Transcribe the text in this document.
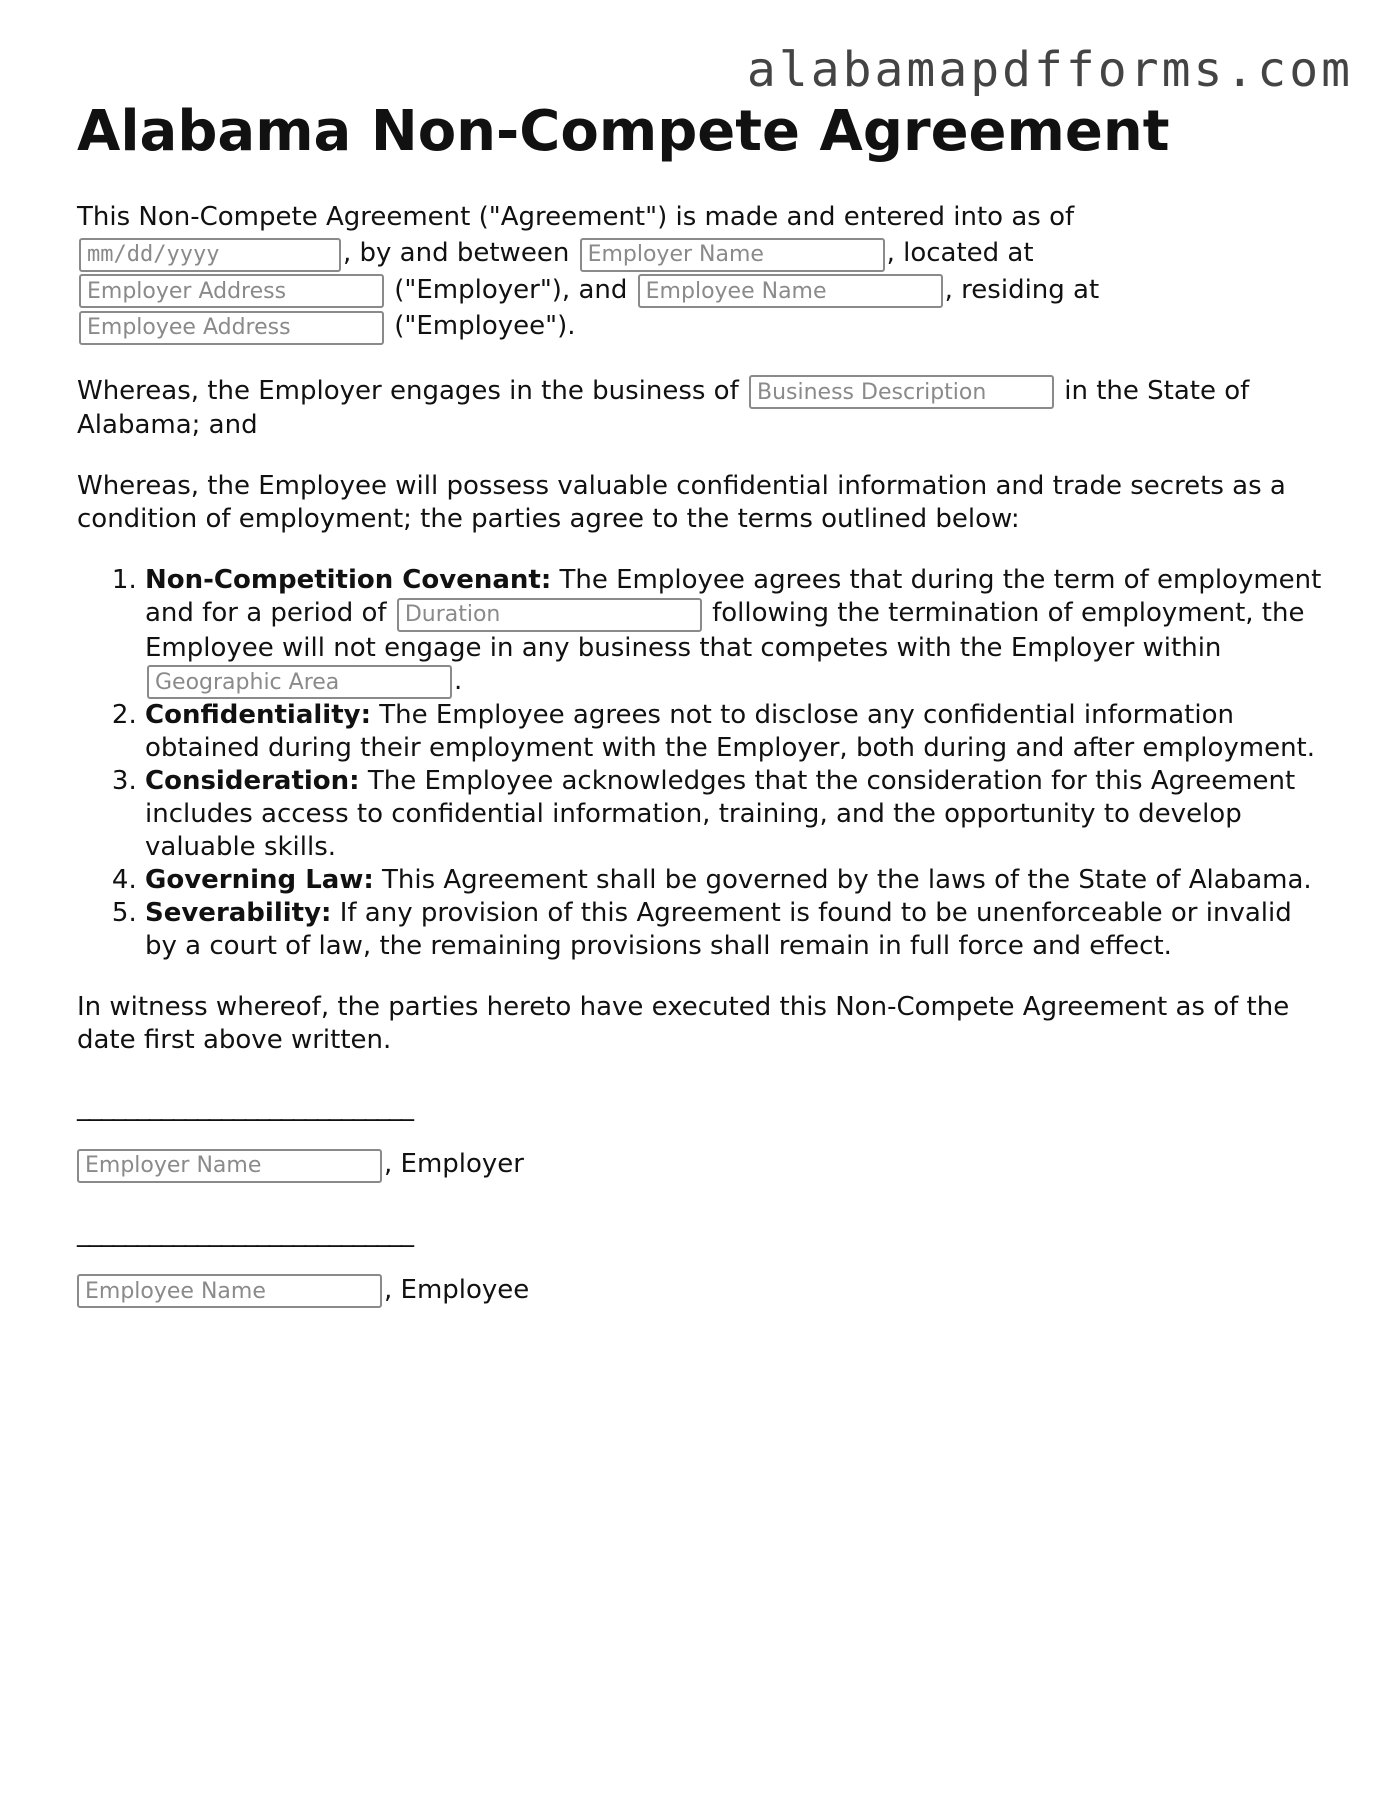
alabamapdfforms.com
Alabama Non-Compete Agreement

This Non-Compete Agreement ("Agreement") is made and entered into as of
mm/dd/yyyy, by and between Employer Name	, located at
Employer Address ("Employer"), and Employee Name	, residing at
Employee Address ("Employee").

Whereas, the Employer engages in the business of Business Description	in the State of Alabama; and

Whereas, the Employee will possess valuable confidential information and trade secrets as a condition of employment; the parties agree to the terms outlined below:

1. Non-Competition Covenant: The Employee agrees that during the term of employment and for a period of Duration	following the termination of employment, the Employee will not engage in any business that competes with the Employer within Geographic Area.
2. Confidentiality: The Employee agrees not to disclose any confidential information obtained during their employment with the Employer, both during and after employment.
3. Consideration: The Employee acknowledges that the consideration for this Agreement includes access to confidential information, training, and the opportunity to develop valuable skills.
4. Governing Law: This Agreement shall be governed by the laws of the State of Alabama.
5. Severability: If any provision of this Agreement is found to be unenforceable or invalid by a court of law, the remaining provisions shall remain in full force and effect.

In witness whereof, the parties hereto have executed this Non-Compete Agreement as of the date first above written.

____________________________
Employer Name, Employer
____________________________
Employee Name, Employee
